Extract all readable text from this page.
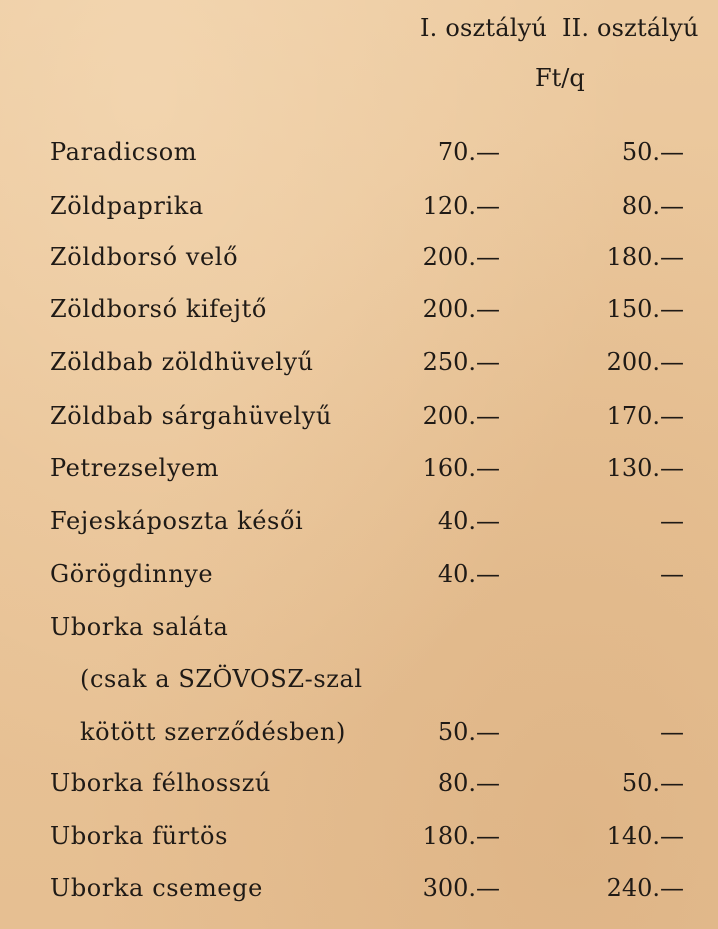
I. osztályú II. osztályú
Ft/q
Paradicsom	70.—	50.—
Zöldpaprika	120.—	80.—
Zöldborsó velő	200.—	180.—
Zöldborsó kifejtő	200.—	150.—
Zöldbab zöldhüvelyű	250.—	200.—
Zöldbab sárgahüvelyű	200.—	170.—
Petrezselyem	160.—	130.—
Fejeskáposzta késői	40.—	—
Görögdinnye	40.—	—
Uborka saláta
(csak a SZÖVOSZ-szal
kötött szerződésben)	50.—	—
Uborka félhosszú	80.—	50.—
Uborka fürtös	180.—	140.—
Uborka csemege	300.—	240.—
